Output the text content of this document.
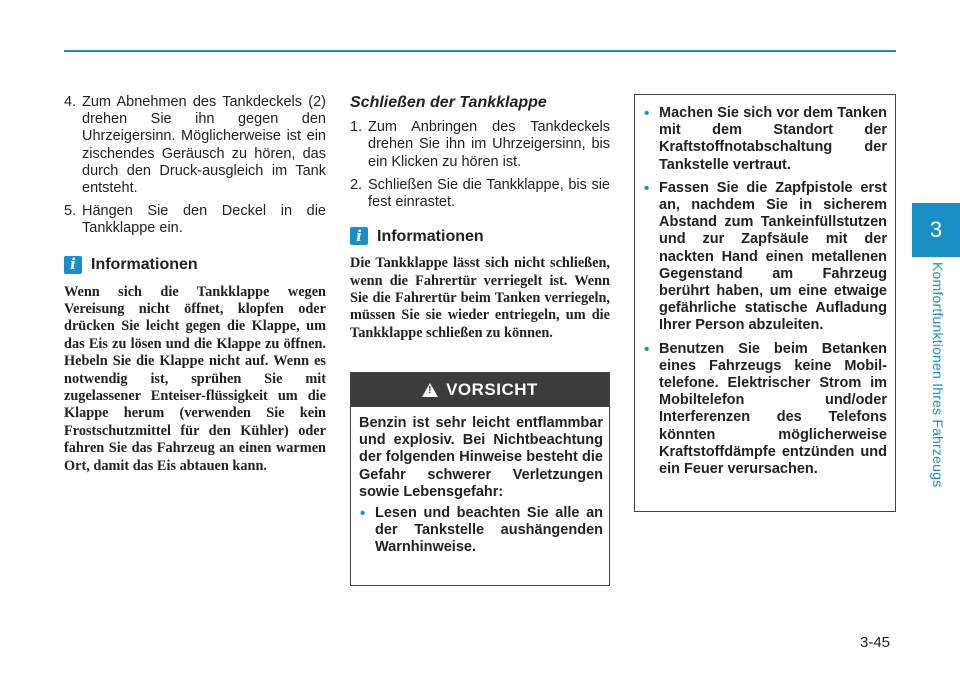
3
Komfortfunktionen Ihres Fahrzeugs
4. Zum Abnehmen des Tankdeckels (2) drehen Sie ihn gegen den Uhrzeigersinn. Möglicherweise ist ein zischendes Geräusch zu hören, das durch den Druck-ausgleich im Tank entsteht.
5. Hängen Sie den Deckel in die Tankklappe ein.
i Informationen

Wenn sich die Tankklappe wegen Vereisung nicht öffnet, klopfen oder drücken Sie leicht gegen die Klappe, um das Eis zu lösen und die Klappe zu öffnen. Hebeln Sie die Klappe nicht auf. Wenn es notwendig ist, sprühen Sie mit zugelassener Enteiser-flüssigkeit um die Klappe herum (verwenden Sie kein Frostschutzmittel für den Kühler) oder fahren Sie das Fahrzeug an einen warmen Ort, damit das Eis abtauen kann.

Schließen der Tankklappe
1. Zum Anbringen des Tankdeckels drehen Sie ihn im Uhrzeigersinn, bis ein Klicken zu hören ist.
2. Schließen Sie die Tankklappe, bis sie fest einrastet.
i Informationen

Die Tankklappe lässt sich nicht schließen, wenn die Fahrertür verriegelt ist. Wenn Sie die Fahrertür beim Tanken verriegeln, müssen Sie sie wieder entriegeln, um die Tankklappe schließen zu können.

! VORSICHT
Benzin ist sehr leicht entflammbar und explosiv. Bei Nichtbeachtung der folgenden Hinweise besteht die Gefahr schwerer Verletzungen sowie Lebensgefahr:
• Lesen und beachten Sie alle an der Tankstelle aushängenden Warnhinweise.
• Machen Sie sich vor dem Tanken mit dem Standort der Kraftstoffnotabschaltung der Tankstelle vertraut.
• Fassen Sie die Zapfpistole erst an, nachdem Sie in sicherem Abstand zum Tankeinfüllstutzen und zur Zapfsäule mit der nackten Hand einen metallenen Gegenstand am Fahrzeug berührt haben, um eine etwaige gefährliche statische Aufladung Ihrer Person abzuleiten.
• Benutzen Sie beim Betanken eines Fahrzeugs keine Mobil-telefone. Elektrischer Strom im Mobiltelefon und/oder Interferenzen des Telefons könnten möglicherweise Kraftstoffdämpfe entzünden und ein Feuer verursachen.
3-45
